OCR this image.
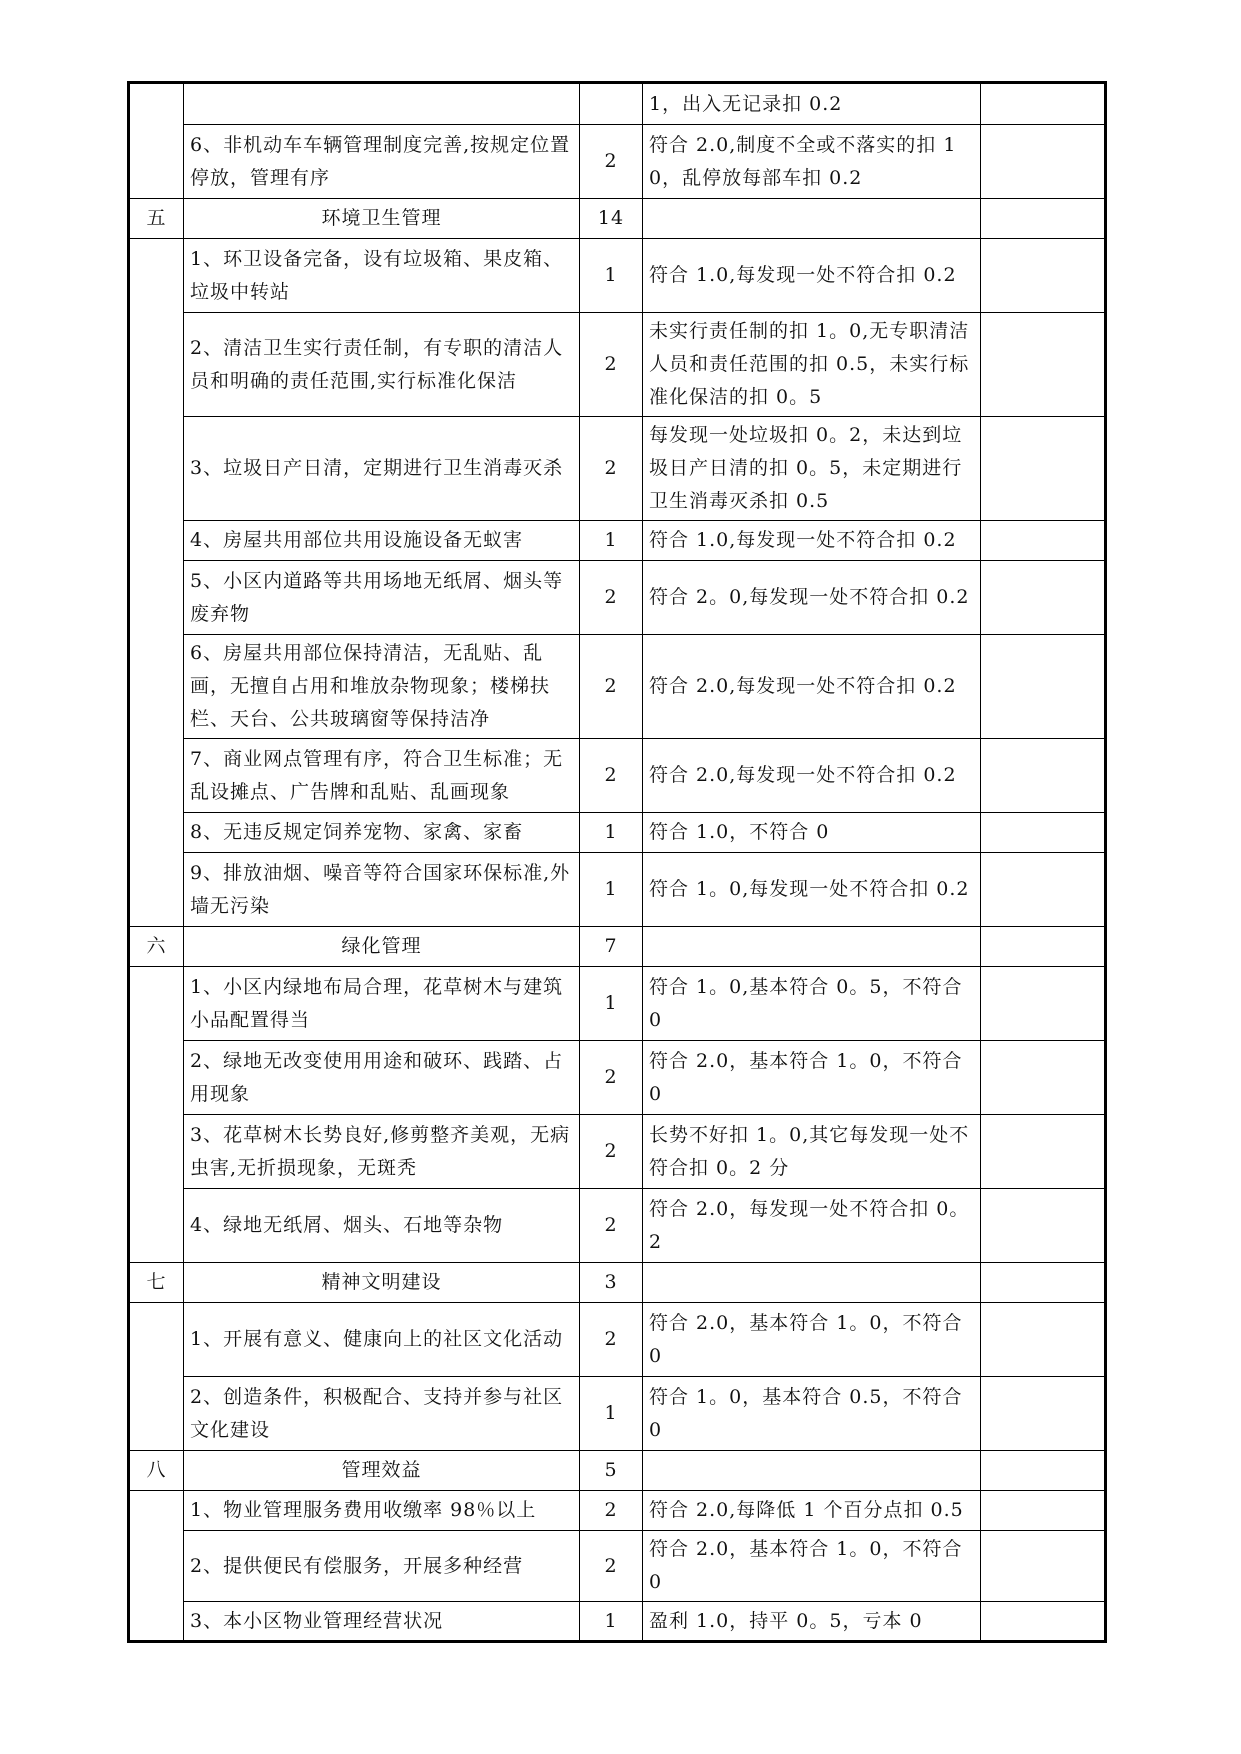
			1，出入无记录扣 0.2	
	6、非机动车车辆管理制度完善,按规定位置停放，管理有序	2	符合 2.0,制度不全或不落实的扣 10，乱停放每部车扣 0.2	
五	环境卫生管理	14		
	1、环卫设备完备，设有垃圾箱、果皮箱、垃圾中转站	1	符合 1.0,每发现一处不符合扣 0.2	
	2、清洁卫生实行责任制，有专职的清洁人员和明确的责任范围,实行标准化保洁	2	未实行责任制的扣 1。0,无专职清洁人员和责任范围的扣 0.5，未实行标准化保洁的扣 0。5	
	3、垃圾日产日清，定期进行卫生消毒灭杀	2	每发现一处垃圾扣 0。2，未达到垃圾日产日清的扣 0。5，未定期进行卫生消毒灭杀扣 0.5	
	4、房屋共用部位共用设施设备无蚁害	1	符合 1.0,每发现一处不符合扣 0.2	
	5、小区内道路等共用场地无纸屑、烟头等废弃物	2	符合 2。0,每发现一处不符合扣 0.2	
	6、房屋共用部位保持清洁，无乱贴、乱画，无擅自占用和堆放杂物现象；楼梯扶栏、天台、公共玻璃窗等保持洁净	2	符合 2.0,每发现一处不符合扣 0.2	
	7、商业网点管理有序，符合卫生标准；无乱设摊点、广告牌和乱贴、乱画现象	2	符合 2.0,每发现一处不符合扣 0.2	
	8、无违反规定饲养宠物、家禽、家畜	1	符合 1.0，不符合 0	
	9、排放油烟、噪音等符合国家环保标准,外墙无污染	1	符合 1。0,每发现一处不符合扣 0.2	
六	绿化管理	7		
	1、小区内绿地布局合理，花草树木与建筑小品配置得当	1	符合 1。0,基本符合 0。5，不符合 0	
	2、绿地无改变使用用途和破环、践踏、占用现象	2	符合 2.0，基本符合 1。0，不符合 0	
	3、花草树木长势良好,修剪整齐美观，无病虫害,无折损现象，无斑秃	2	长势不好扣 1。0,其它每发现一处不符合扣 0。2 分	
	4、绿地无纸屑、烟头、石地等杂物	2	符合 2.0，每发现一处不符合扣 0。2	
七	精神文明建设	3		
	1、开展有意义、健康向上的社区文化活动	2	符合 2.0，基本符合 1。0，不符合 0	
	2、创造条件，积极配合、支持并参与社区文化建设	1	符合 1。0，基本符合 0.5，不符合 0	
八	管理效益	5		
	1、物业管理服务费用收缴率 98％以上	2	符合 2.0,每降低 1 个百分点扣 0.5	
	2、提供便民有偿服务，开展多种经营	2	符合 2.0，基本符合 1。0，不符合 0	
	3、本小区物业管理经营状况	1	盈利 1.0，持平 0。5，亏本 0	
